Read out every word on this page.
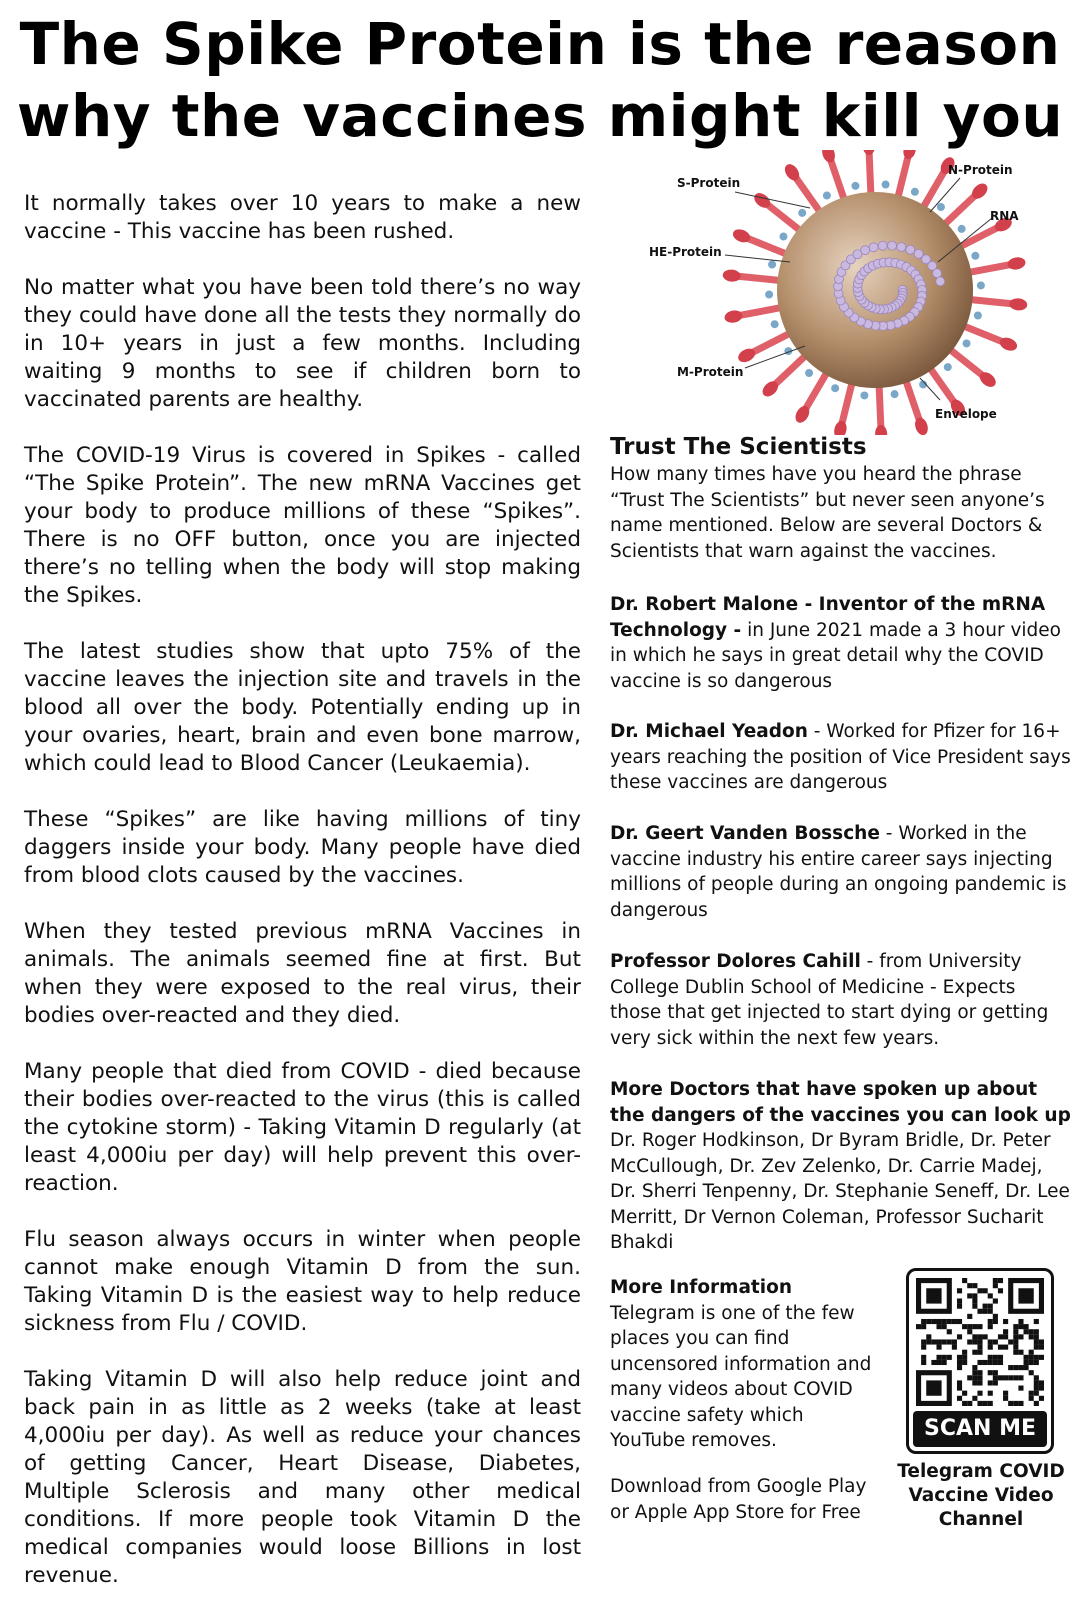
The Spike Protein is the reason
why the vaccines might kill you

It normally takes over 10 years to make a new vaccine - This vaccine has been rushed.

No matter what you have been told there’s no way they could have done all the tests they normally do in 10+ years in just a few months. Including waiting 9 months to see if children born to vaccinated parents are healthy.

The COVID-19 Virus is covered in Spikes - called “The Spike Protein”. The new mRNA Vaccines get your body to produce millions of these “Spikes”. There is no OFF button, once you are injected there’s no telling when the body will stop making the Spikes.

The latest studies show that upto 75% of the vaccine leaves the injection site and travels in the blood all over the body. Potentially ending up in your ovaries, heart, brain and even bone marrow, which could lead to Blood Cancer (Leukaemia).

These “Spikes” are like having millions of tiny daggers inside your body. Many people have died from blood clots caused by the vaccines.

When they tested previous mRNA Vaccines in animals. The animals seemed fine at first. But when they were exposed to the real virus, their bodies over-reacted and they died.

Many people that died from COVID - died because their bodies over-reacted to the virus (this is called the cytokine storm) - Taking Vitamin D regularly (at least 4,000iu per day) will help prevent this over-reaction.

Flu season always occurs in winter when people cannot make enough Vitamin D from the sun. Taking Vitamin D is the easiest way to help reduce sickness from Flu / COVID.

Taking Vitamin D will also help reduce joint and back pain in as little as 2 weeks (take at least 4,000iu per day). As well as reduce your chances of getting Cancer, Heart Disease, Diabetes, Multiple Sclerosis and many other medical conditions. If more people took Vitamin D the medical companies would loose Billions in lost revenue.

S-Protein
N-Protein
RNA
HE-Protein
M-Protein
Envelope
Trust The Scientists

How many times have you heard the phrase “Trust The Scientists” but never seen anyone’s name mentioned. Below are several Doctors & Scientists that warn against the vaccines.

Dr. Robert Malone - Inventor of the mRNA Technology - in June 2021 made a 3 hour video in which he says in great detail why the COVID vaccine is so dangerous
Dr. Michael Yeadon - Worked for Pfizer for 16+ years reaching the position of Vice President says these vaccines are dangerous
Dr. Geert Vanden Bossche - Worked in the vaccine industry his entire career says injecting millions of people during an ongoing pandemic is dangerous
Professor Dolores Cahill - from University College Dublin School of Medicine - Expects those that get injected to start dying or getting very sick within the next few years.
More Doctors that have spoken up about the dangers of the vaccines you can look up
Dr. Roger Hodkinson, Dr Byram Bridle, Dr. Peter McCullough, Dr. Zev Zelenko, Dr. Carrie Madej, Dr. Sherri Tenpenny, Dr. Stephanie Seneff, Dr. Lee Merritt, Dr Vernon Coleman, Professor Sucharit Bhakdi
More Information
Telegram is one of the few places you can find uncensored information and many videos about COVID vaccine safety which YouTube removes.
Download from Google Play or Apple App Store for Free
SCAN ME
Telegram COVID Vaccine Video Channel
